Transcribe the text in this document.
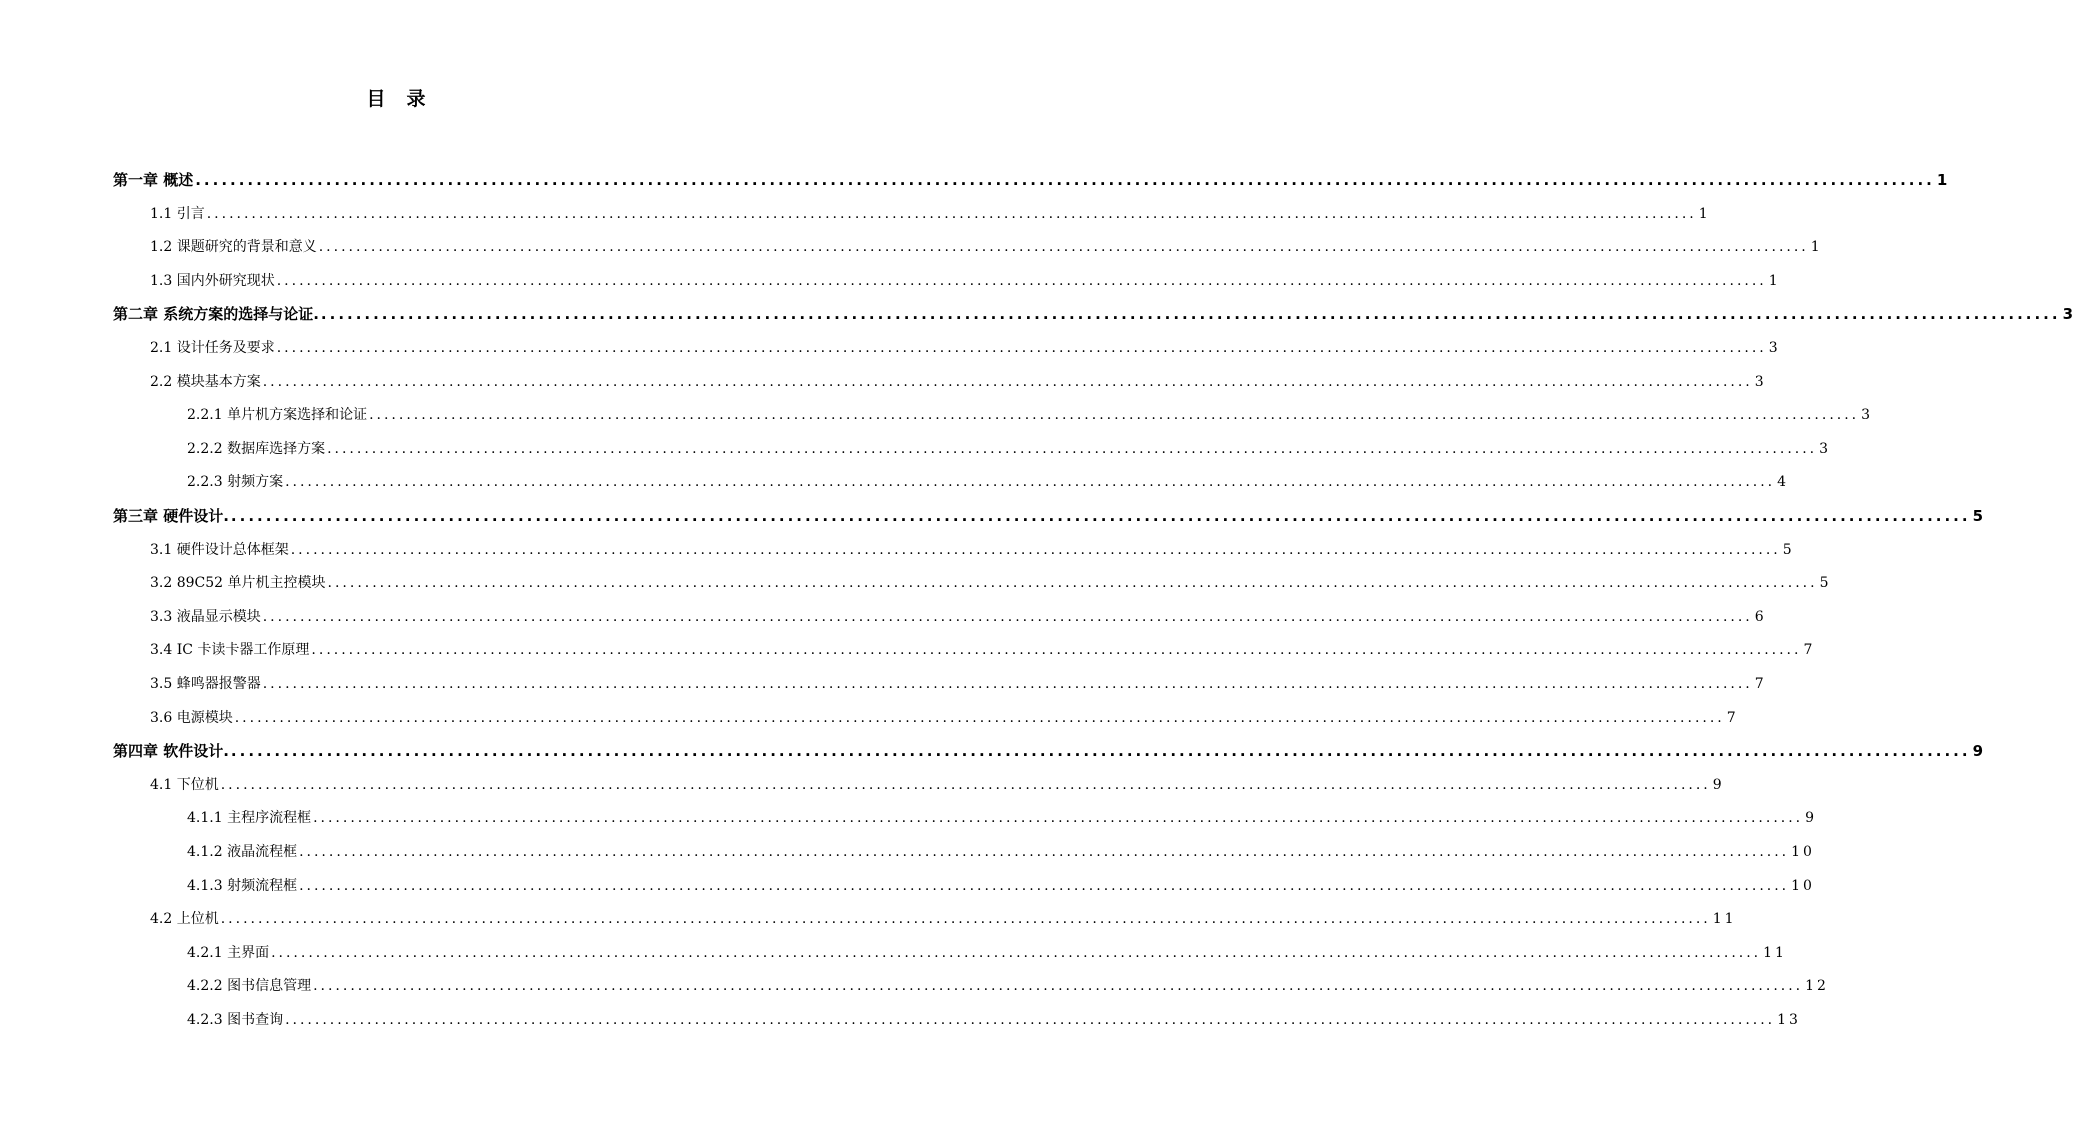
目　录
第一章 概述 ........................................................................................................................................................................................................ 1
1.1 引言 ........................................................................................................................................................................................................ 1
1.2 课题研究的背景和意义 ........................................................................................................................................................................................................ 1
1.3 国内外研究现状 ........................................................................................................................................................................................................ 1
第二章 系统方案的选择与论证. ........................................................................................................................................................................................................ 3
2.1 设计任务及要求 ........................................................................................................................................................................................................ 3
2.2 模块基本方案 ........................................................................................................................................................................................................ 3
2.2.1 单片机方案选择和论证 ........................................................................................................................................................................................................ 3
2.2.2 数据库选择方案 ........................................................................................................................................................................................................ 3
2.2.3 射频方案 ........................................................................................................................................................................................................ 4
第三章 硬件设计. ........................................................................................................................................................................................................ 5
3.1 硬件设计总体框架 ........................................................................................................................................................................................................ 5
3.2 89C52 单片机主控模块 ........................................................................................................................................................................................................ 5
3.3 液晶显示模块 ........................................................................................................................................................................................................ 6
3.4 IC 卡读卡器工作原理 ........................................................................................................................................................................................................ 7
3.5 蜂鸣器报警器 ........................................................................................................................................................................................................ 7
3.6 电源模块 ........................................................................................................................................................................................................ 7
第四章 软件设计. ........................................................................................................................................................................................................ 9
4.1 下位机 ........................................................................................................................................................................................................ 9
4.1.1 主程序流程框 ........................................................................................................................................................................................................ 9
4.1.2 液晶流程框 ........................................................................................................................................................................................................ 10
4.1.3 射频流程框 ........................................................................................................................................................................................................ 10
4.2 上位机 ........................................................................................................................................................................................................ 11
4.2.1 主界面 ........................................................................................................................................................................................................ 11
4.2.2 图书信息管理 ........................................................................................................................................................................................................ 12
4.2.3 图书查询 ........................................................................................................................................................................................................ 13
